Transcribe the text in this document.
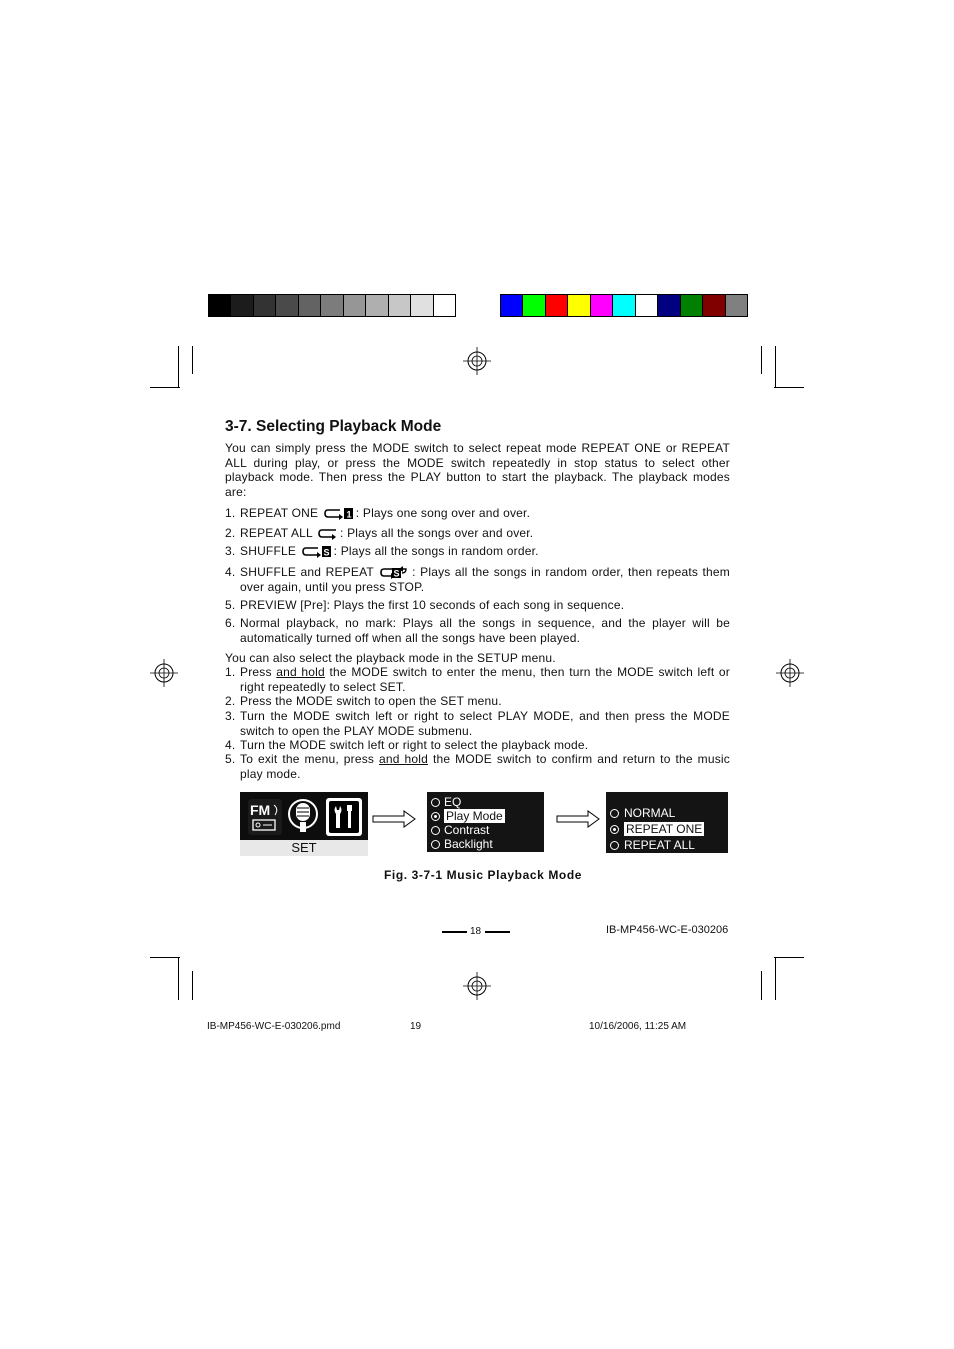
3-7. Selecting Playback Mode
You can simply press the MODE switch to select repeat mode REPEAT ONE or REPEAT ALL during play, or press the MODE switch repeatedly in stop status to select other playback mode. Then press the PLAY button to start the playback. The playback modes are:
1. REPEAT ONE	1 : Plays one song over and over.
2. REPEAT ALL : Plays all the songs over and over.
3. SHUFFLE	S : Plays all the songs in random order.
4. SHUFFLE and REPEAT S : Plays all the songs in random order, then repeats them over again, until you press STOP.
5. PREVIEW [Pre]: Plays the first 10 seconds of each song in sequence.
6. Normal playback, no mark: Plays all the songs in sequence, and the player will be automatically turned off when all the songs have been played.
You can also select the playback mode in the SETUP menu.
1. Press and hold the MODE switch to enter the menu, then turn the MODE switch left or right repeatedly to select SET.
2. Press the MODE switch to open the SET menu.
3. Turn the MODE switch left or right to select PLAY MODE, and then press the MODE switch to open the PLAY MODE submenu.
4. Turn the MODE switch left or right to select the playback mode.
5. To exit the menu, press and hold the MODE switch to confirm and return to the music play mode.
FM
SET
EQ
Play Mode
Contrast
Backlight
NORMAL
REPEAT ONE
REPEAT ALL
Fig. 3-7-1 Music Playback Mode
18	IB-MP456-WC-E-030206
IB-MP456-WC-E-030206.pmd	19	10/16/2006, 11:25 AM
